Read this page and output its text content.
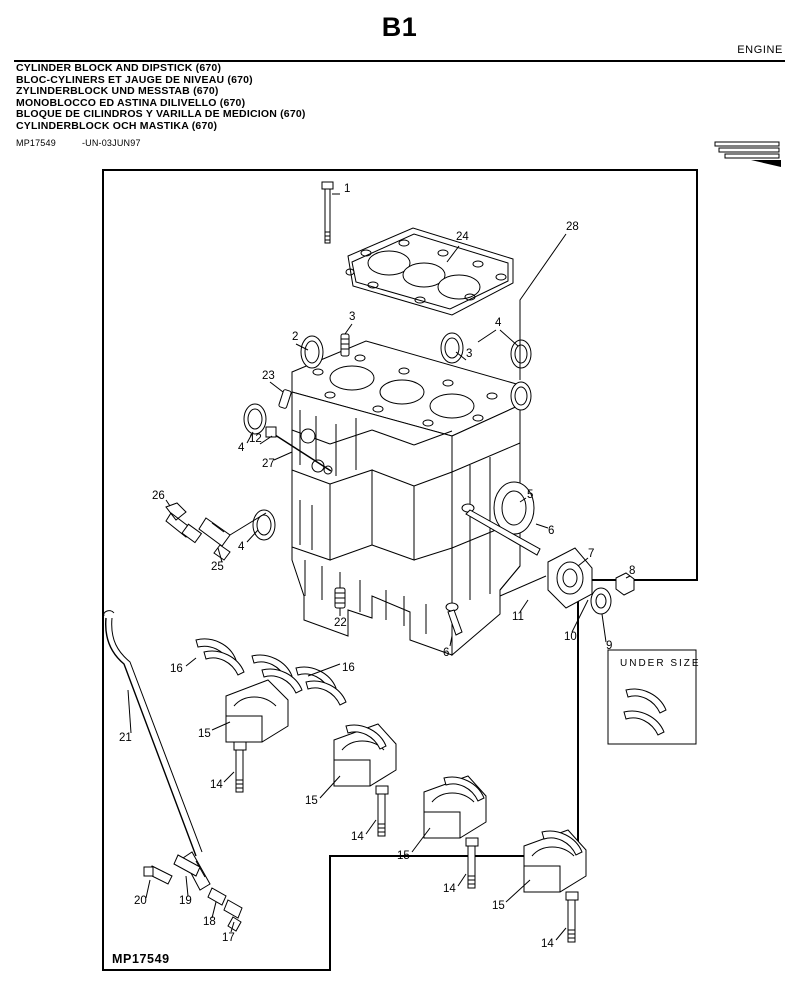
B1
ENGINE
CYLINDER BLOCK AND DIPSTICK (670)
BLOC-CYLINERS ET JAUGE DE NIVEAU (670)
ZYLINDERBLOCK UND MESSTAB (670)
MONOBLOCCO ED ASTINA DILIVELLO (670)
BLOQUE DE CILINDROS Y VARILLA DE MEDICION (670)
CYLINDERBLOCK OCH MASTIKA (670)
MP17549	-UN-03JUN97
UNDER SIZE
1
24
28
2
3	4
3
23
4
12
27
5
26
6
4
25
7
8
11
10
9
22
6
16	16
21	15
14
15
14
15
14
15
14
20	19
18
17
MP17549
